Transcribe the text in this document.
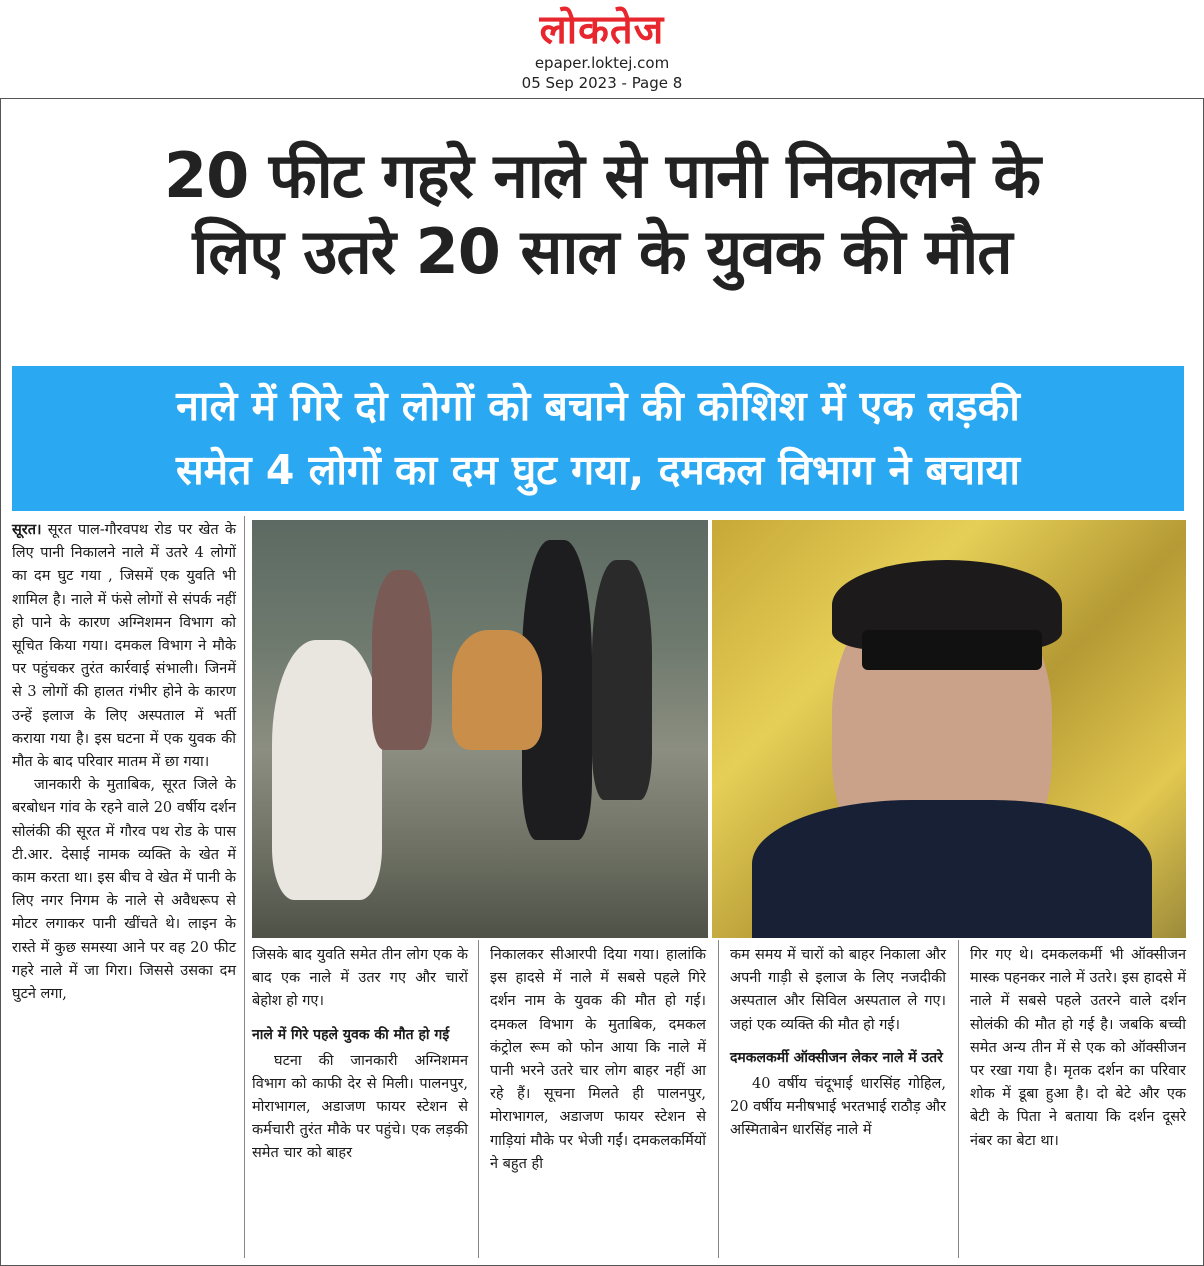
लोकतेज
epaper.loktej.com
05 Sep 2023 - Page 8
20 फीट गहरे नाले से पानी निकालने के
लिए उतरे 20 साल के युवक की मौत
नाले में गिरे दो लोगों को बचाने की कोशिश में एक लड़की
समेत 4 लोगों का दम घुट गया, दमकल विभाग ने बचाया

सूरत। सूरत पाल-गौरवपथ रोड पर खेत के लिए पानी निकालने नाले में उतरे 4 लोगों का दम घुट गया , जिसमें एक युवति भी शामिल है। नाले में फंसे लोगों से संपर्क नहीं हो पाने के कारण अग्निशमन विभाग को सूचित किया गया। दमकल विभाग ने मौके पर पहुंचकर तुरंत कार्रवाई संभाली। जिनमें से 3 लोगों की हालत गंभीर होने के कारण उन्हें इलाज के लिए अस्पताल में भर्ती कराया गया है। इस घटना में एक युवक की मौत के बाद परिवार मातम में छा गया।

जानकारी के मुताबिक, सूरत जिले के बरबोधन गांव के रहने वाले 20 वर्षीय दर्शन सोलंकी की सूरत में गौरव पथ रोड के पास टी.आर. देसाई नामक व्यक्ति के खेत में काम करता था। इस बीच वे खेत में पानी के लिए नगर निगम के नाले से अवैधरूप से मोटर लगाकर पानी खींचते थे। लाइन के रास्ते में कुछ समस्या आने पर वह 20 फीट गहरे नाले में जा गिरा। जिससे उसका दम घुटने लगा,

जिसके बाद युवति समेत तीन लोग एक के बाद एक नाले में उतर गए और चारों बेहोश हो गए।

नाले में गिरे पहले युवक की मौत हो गई

घटना की जानकारी अग्निशमन विभाग को काफी देर से मिली। पालनपुर, मोराभागल, अडाजण फायर स्टेशन से कर्मचारी तुरंत मौके पर पहुंचे। एक लड़की समेत चार को बाहर

निकालकर सीआरपी दिया गया। हालांकि इस हादसे में नाले में सबसे पहले गिरे दर्शन नाम के युवक की मौत हो गई। दमकल विभाग के मुताबिक, दमकल कंट्रोल रूम को फोन आया कि नाले में पानी भरने उतरे चार लोग बाहर नहीं आ रहे हैं। सूचना मिलते ही पालनपुर, मोराभागल, अडाजण फायर स्टेशन से गाड़ियां मौके पर भेजी गईं। दमकलकर्मियों ने बहुत ही

कम समय में चारों को बाहर निकाला और अपनी गाड़ी से इलाज के लिए नजदीकी अस्पताल और सिविल अस्पताल ले गए। जहां एक व्यक्ति की मौत हो गई।

दमकलकर्मी ऑक्सीजन लेकर नाले में उतरे

40 वर्षीय चंदूभाई धारसिंह गोहिल, 20 वर्षीय मनीषभाई भरतभाई राठौड़ और अस्मिताबेन धारसिंह नाले में

गिर गए थे। दमकलकर्मी भी ऑक्सीजन मास्क पहनकर नाले में उतरे। इस हादसे में नाले में सबसे पहले उतरने वाले दर्शन सोलंकी की मौत हो गई है। जबकि बच्ची समेत अन्य तीन में से एक को ऑक्सीजन पर रखा गया है। मृतक दर्शन का परिवार शोक में डूबा हुआ है। दो बेटे और एक बेटी के पिता ने बताया कि दर्शन दूसरे नंबर का बेटा था।
